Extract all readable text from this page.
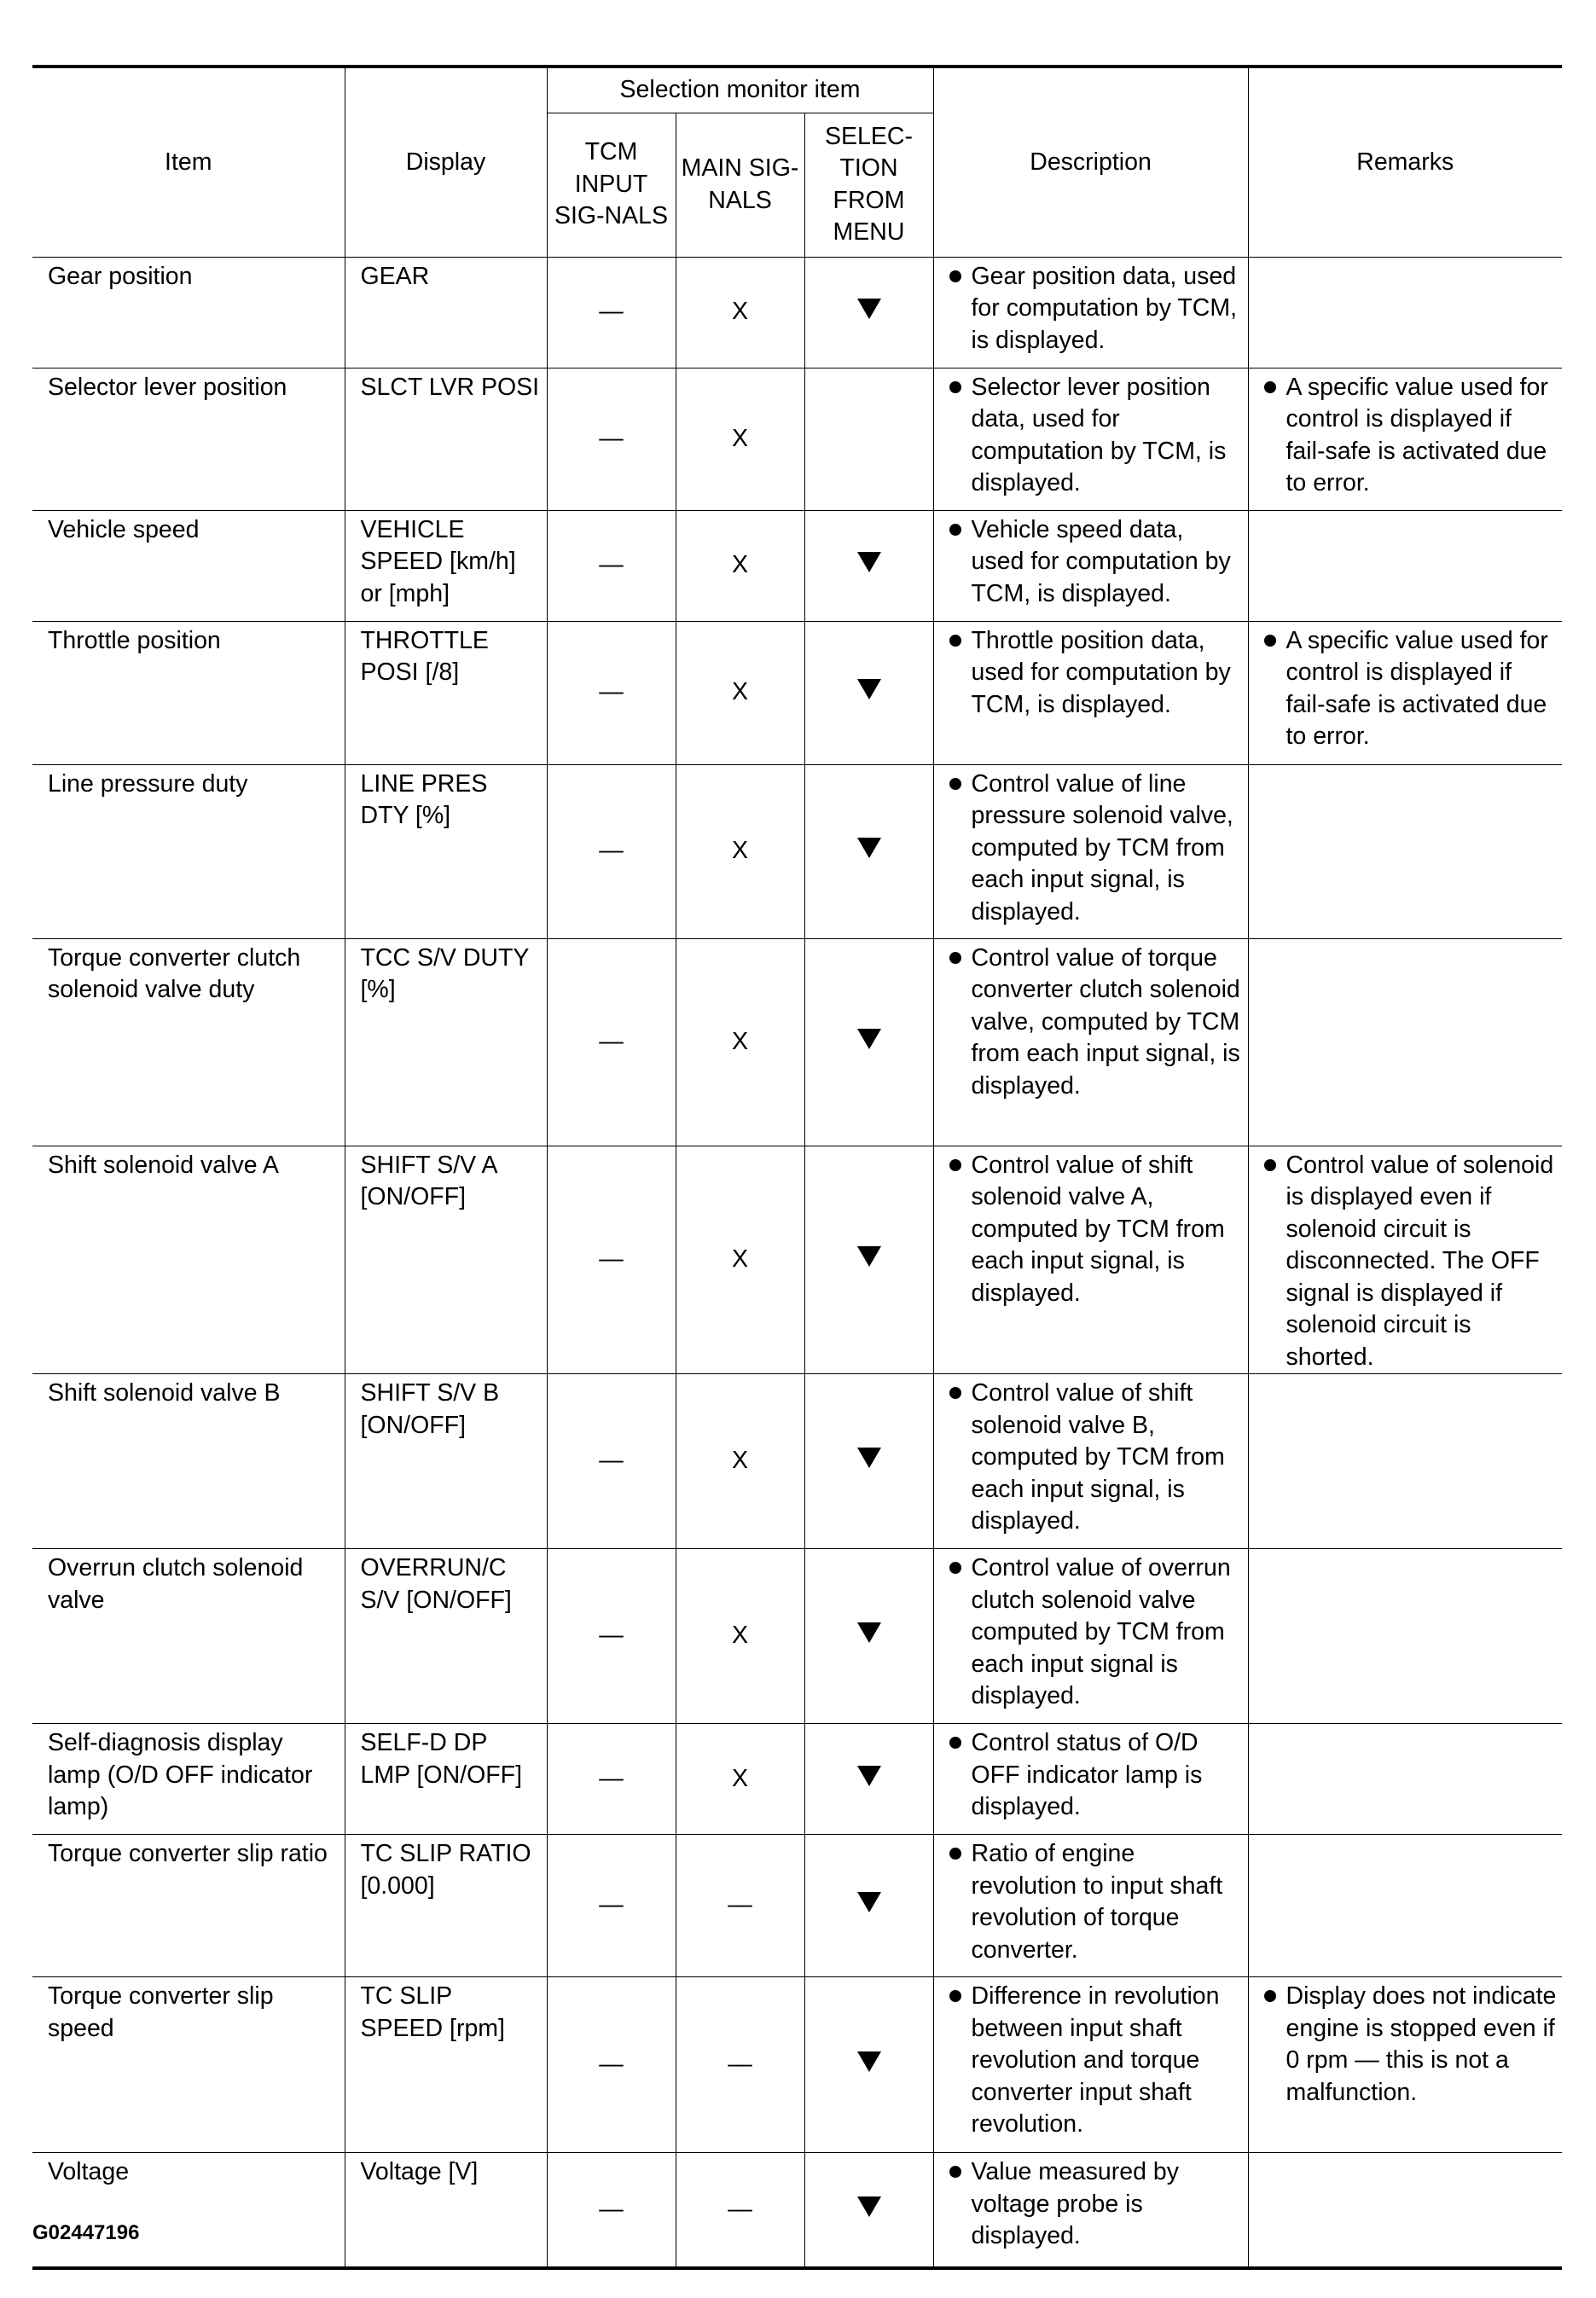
Item	Display	Selection monitor item			Description	Remarks
		TCM INPUT SIG-NALS	MAIN SIG-NALS	SELEC-TION FROM MENU		
Gear position	GEAR	—	X		Gear position data, used for computation by TCM, is displayed.	

Selector lever position	SLCT LVR POSI	—	X		Selector lever position data, used for computation by TCM, is displayed.	A specific value used for control is displayed if fail-safe is activated due to error.

Vehicle speed	VEHICLE SPEED [km/h] or [mph]	—	X		Vehicle speed data, used for computation by TCM, is displayed.	

Throttle position	THROTTLE POSI [/8]	—	X		Throttle position data, used for computation by TCM, is displayed.	A specific value used for control is displayed if fail-safe is activated due to error.

Line pressure duty	LINE PRES DTY [%]	—	X		Control value of line pressure solenoid valve, computed by TCM from each input signal, is displayed.	

Torque converter clutch solenoid valve duty	TCC S/V DUTY [%]	—	X		Control value of torque converter clutch solenoid valve, computed by TCM from each input signal, is displayed.	

Shift solenoid valve A	SHIFT S/V A [ON/OFF]	—	X		Control value of shift solenoid valve A, computed by TCM from each input signal, is displayed.	Control value of solenoid is displayed even if solenoid circuit is disconnected. The OFF signal is displayed if solenoid circuit is shorted.

Shift solenoid valve B	SHIFT S/V B [ON/OFF]	—	X		Control value of shift solenoid valve B, computed by TCM from each input signal, is displayed.	

Overrun clutch solenoid valve	OVERRUN/C S/V [ON/OFF]	—	X		Control value of overrun clutch solenoid valve computed by TCM from each input signal is displayed.	

Self-diagnosis display lamp (O/D OFF indicator lamp)	SELF-D DP LMP [ON/OFF]	—	X		Control status of O/D OFF indicator lamp is displayed.	

Torque converter slip ratio	TC SLIP RATIO [0.000]	—	—		Ratio of engine revolution to input shaft revolution of torque converter.	

Torque converter slip speed	TC SLIP SPEED [rpm]	—	—		Difference in revolution between input shaft revolution and torque converter input shaft revolution.	Display does not indicate engine is stopped even if 0 rpm — this is not a malfunction.

Voltage	Voltage [V]	—	—		Value measured by voltage probe is displayed.	

G02447196
